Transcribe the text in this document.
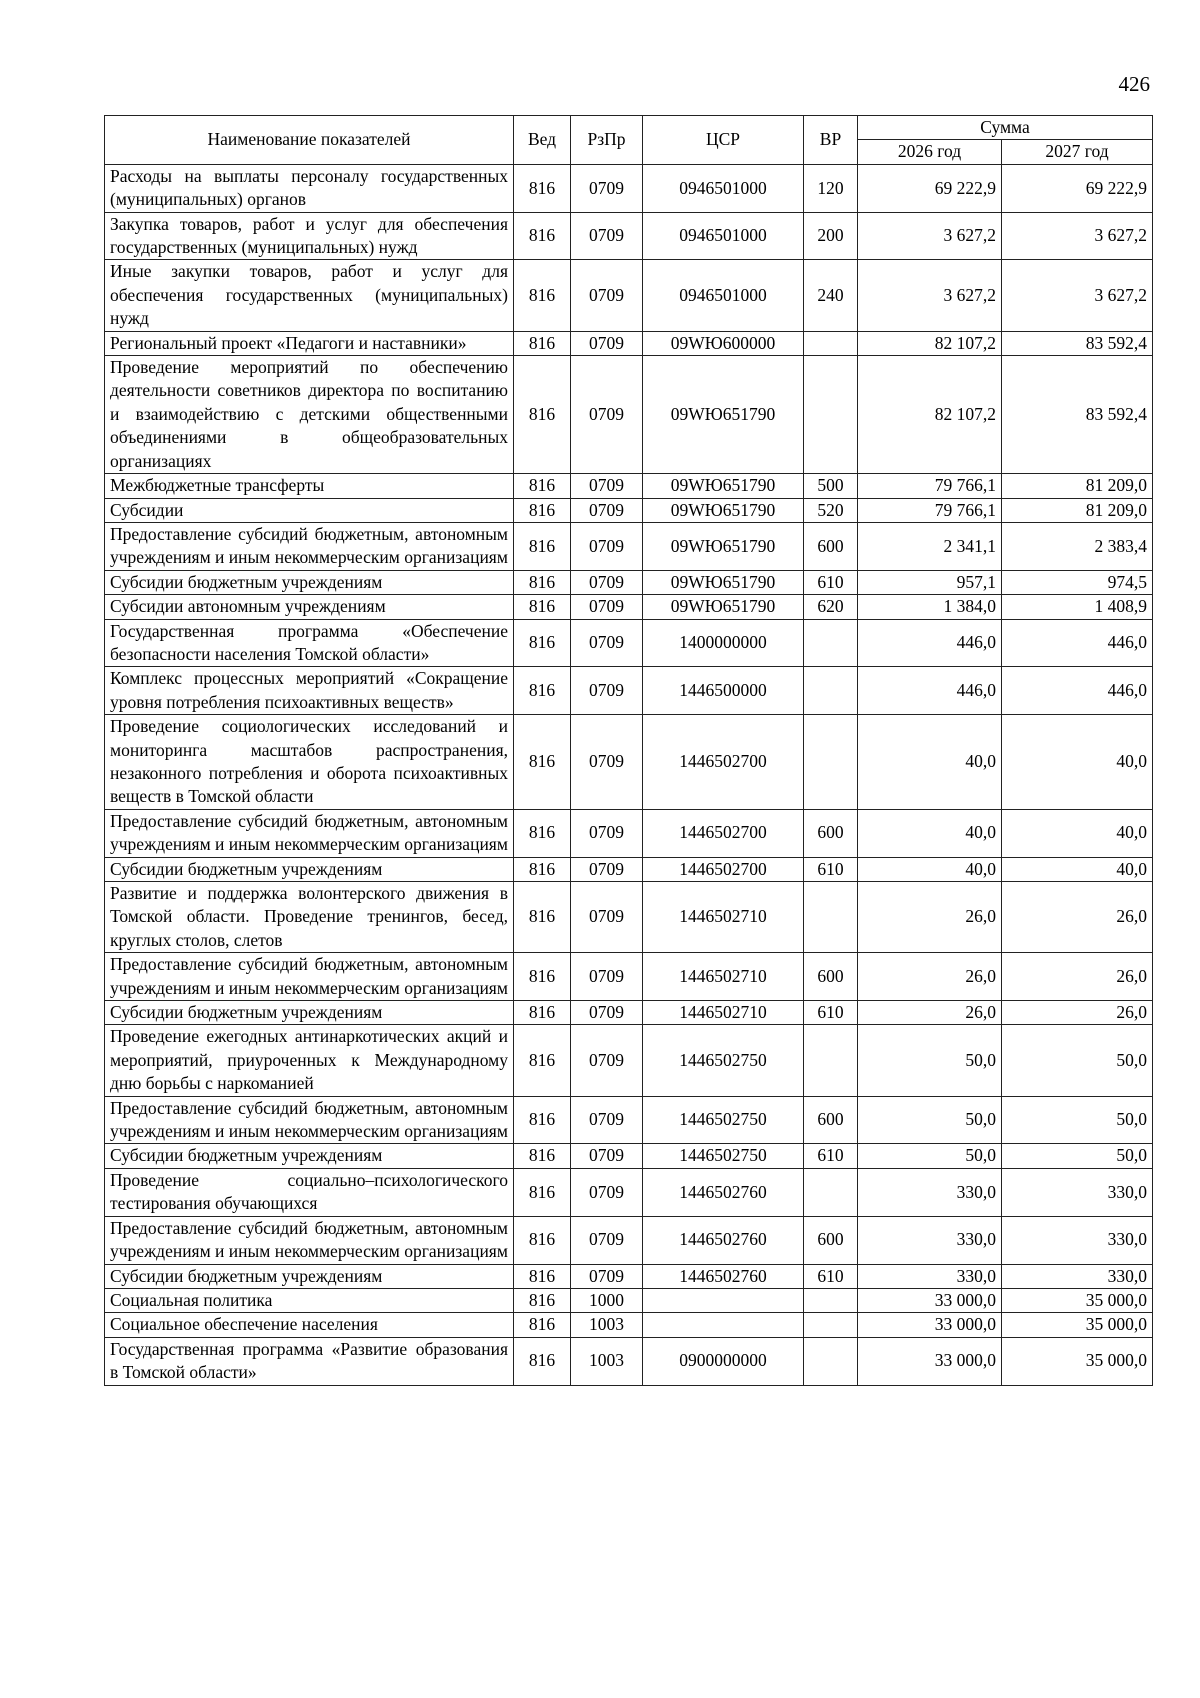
426
Наименование показателей	Вед	РзПр	ЦСР	ВР	Сумма	
					2026 год	2027 год
Расходы на выплаты персоналу государственных (муниципальных) органов	816	0709	0946501000	120	69 222,9	69 222,9
Закупка товаров, работ и услуг для обеспечения государственных (муниципальных) нужд	816	0709	0946501000	200	3 627,2	3 627,2
Иные закупки товаров, работ и услуг для обеспечения государственных (муниципальных) нужд	816	0709	0946501000	240	3 627,2	3 627,2
Региональный проект «Педагоги и наставники»	816	0709	09WЮ600000		82 107,2	83 592,4
Проведение мероприятий по обеспечению деятельности советников директора по воспитанию и взаимодействию с детскими общественными объединениями в общеобразовательных организациях	816	0709	09WЮ651790		82 107,2	83 592,4
Межбюджетные трансферты	816	0709	09WЮ651790	500	79 766,1	81 209,0
Субсидии	816	0709	09WЮ651790	520	79 766,1	81 209,0
Предоставление субсидий бюджетным, автономным учреждениям и иным некоммерческим организациям	816	0709	09WЮ651790	600	2 341,1	2 383,4
Субсидии бюджетным учреждениям	816	0709	09WЮ651790	610	957,1	974,5
Субсидии автономным учреждениям	816	0709	09WЮ651790	620	1 384,0	1 408,9
Государственная программа «Обеспечение безопасности населения Томской области»	816	0709	1400000000		446,0	446,0
Комплекс процессных мероприятий «Сокращение уровня потребления психоактивных веществ»	816	0709	1446500000		446,0	446,0
Проведение социологических исследований и мониторинга масштабов распространения, незаконного потребления и оборота психоактивных веществ в Томской области	816	0709	1446502700		40,0	40,0
Предоставление субсидий бюджетным, автономным учреждениям и иным некоммерческим организациям	816	0709	1446502700	600	40,0	40,0
Субсидии бюджетным учреждениям	816	0709	1446502700	610	40,0	40,0
Развитие и поддержка волонтерского движения в Томской области. Проведение тренингов, бесед, круглых столов, слетов	816	0709	1446502710		26,0	26,0
Предоставление субсидий бюджетным, автономным учреждениям и иным некоммерческим организациям	816	0709	1446502710	600	26,0	26,0
Субсидии бюджетным учреждениям	816	0709	1446502710	610	26,0	26,0
Проведение ежегодных антинаркотических акций и мероприятий, приуроченных к Международному дню борьбы с наркоманией	816	0709	1446502750		50,0	50,0
Предоставление субсидий бюджетным, автономным учреждениям и иным некоммерческим организациям	816	0709	1446502750	600	50,0	50,0
Субсидии бюджетным учреждениям	816	0709	1446502750	610	50,0	50,0
Проведение социально–психологического тестирования обучающихся	816	0709	1446502760		330,0	330,0
Предоставление субсидий бюджетным, автономным учреждениям и иным некоммерческим организациям	816	0709	1446502760	600	330,0	330,0
Субсидии бюджетным учреждениям	816	0709	1446502760	610	330,0	330,0
Социальная политика	816	1000			33 000,0	35 000,0
Социальное обеспечение населения	816	1003			33 000,0	35 000,0
Государственная программа «Развитие образования в Томской области»	816	1003	0900000000		33 000,0	35 000,0
